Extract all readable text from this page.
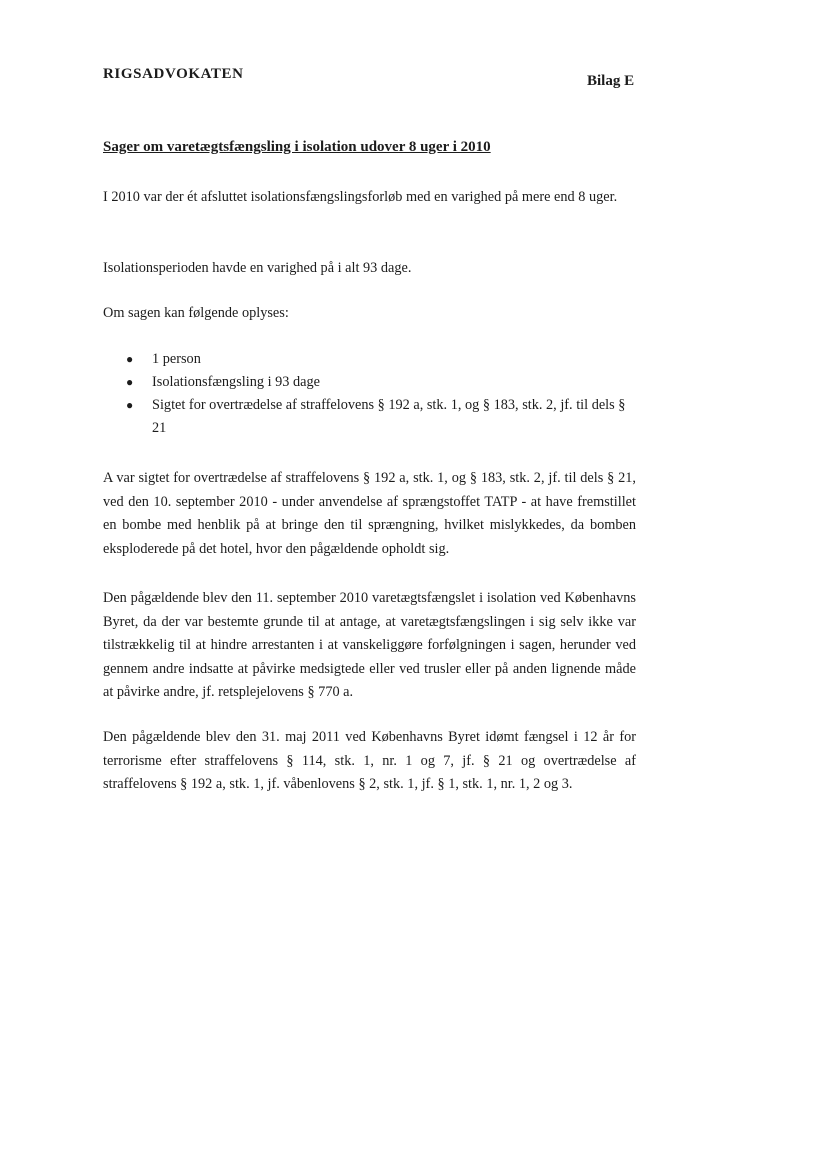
RIGSADVOKATEN	Bilag E
Sager om varetægtsfængsling i isolation udover 8 uger i 2010

I 2010 var der ét afsluttet isolationsfængslingsforløb med en varighed på mere end 8 uger.

Isolationsperioden havde en varighed på i alt 93 dage.

Om sagen kan følgende oplyses:

● 1 person
● Isolationsfængsling i 93 dage
● Sigtet for overtrædelse af straffelovens § 192 a, stk. 1, og § 183, stk. 2, jf. til dels § 21

A var sigtet for overtrædelse af straffelovens § 192 a, stk. 1, og § 183, stk. 2, jf. til dels § 21, ved den 10. september 2010 - under anvendelse af sprængstoffet TATP - at have fremstillet en bombe med henblik på at bringe den til sprængning, hvilket mislykkedes, da bomben eksploderede på det hotel, hvor den pågældende opholdt sig.

Den pågældende blev den 11. september 2010 varetægtsfængslet i isolation ved Københavns Byret, da der var bestemte grunde til at antage, at varetægtsfængslingen i sig selv ikke var tilstrækkelig til at hindre arrestanten i at vanskeliggøre forfølgningen i sagen, herunder ved gennem andre indsatte at påvirke medsigtede eller ved trusler eller på anden lignende måde at påvirke andre, jf. retsplejelovens § 770 a.

Den pågældende blev den 31. maj 2011 ved Københavns Byret idømt fængsel i 12 år for terrorisme efter straffelovens § 114, stk. 1, nr. 1 og 7, jf. § 21 og overtrædelse af straffelovens § 192 a, stk. 1, jf. våbenlovens § 2, stk. 1, jf. § 1, stk. 1, nr. 1, 2 og 3.
